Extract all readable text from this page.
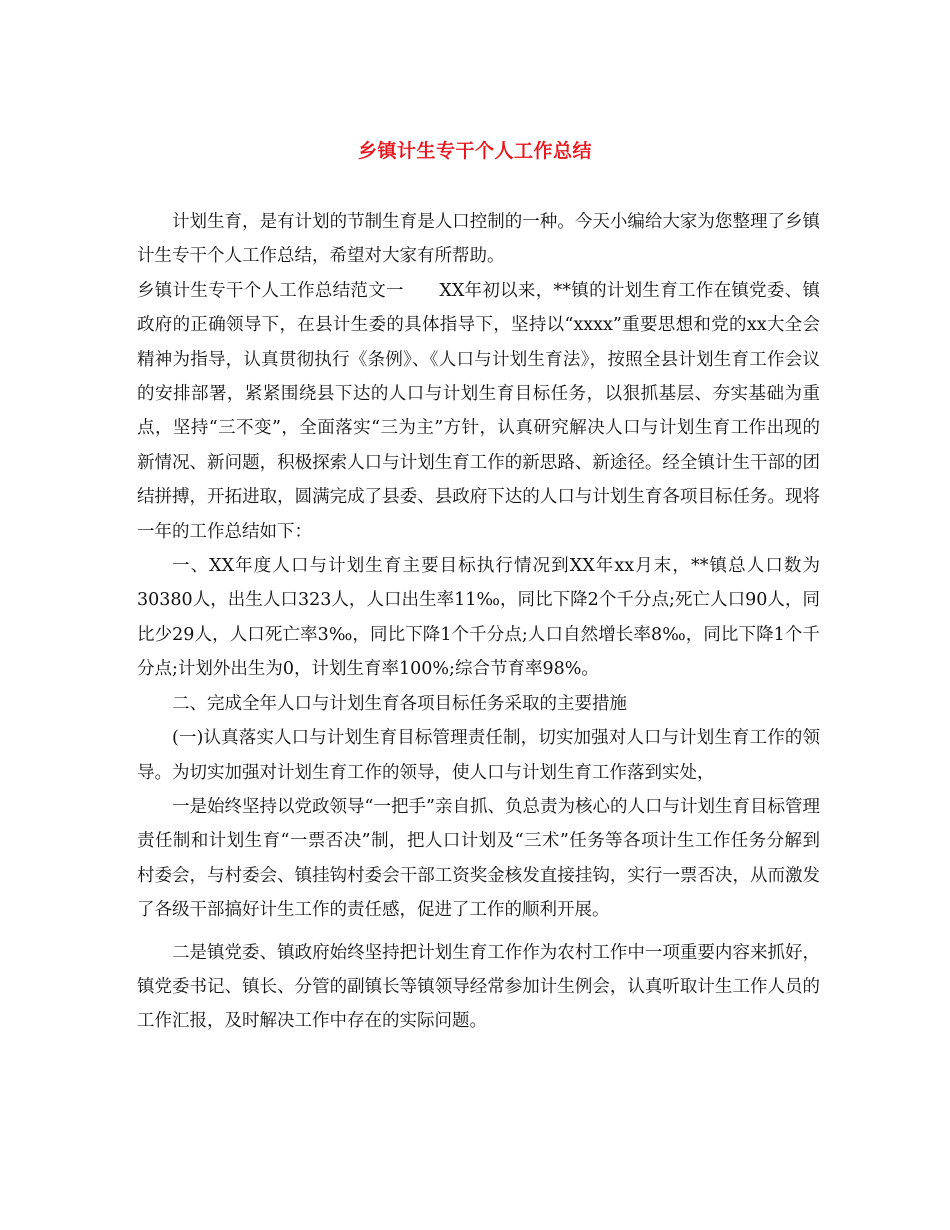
乡镇计生专干个人工作总结

计划生育，是有计划的节制生育是人口控制的一种。今天小编给大家为您整理了乡镇计生专干个人工作总结，希望对大家有所帮助。

乡镇计生专干个人工作总结范文一　　XX年初以来，**镇的计划生育工作在镇党委、镇政府的正确领导下，在县计生委的具体指导下，坚持以“xxxx”重要思想和党的xx大全会精神为指导，认真贯彻执行《条例》、《人口与计划生育法》，按照全县计划生育工作会议的安排部署，紧紧围绕县下达的人口与计划生育目标任务，以狠抓基层、夯实基础为重点，坚持“三不变”，全面落实“三为主”方针，认真研究解决人口与计划生育工作出现的新情况、新问题，积极探索人口与计划生育工作的新思路、新途径。经全镇计生干部的团结拼搏，开拓进取，圆满完成了县委、县政府下达的人口与计划生育各项目标任务。现将一年的工作总结如下：

一、XX年度人口与计划生育主要目标执行情况到XX年xx月末，**镇总人口数为30380人，出生人口323人，人口出生率11‰，同比下降2个千分点;死亡人口90人，同比少29人，人口死亡率3‰，同比下降1个千分点;人口自然增长率8‰，同比下降1个千分点;计划外出生为0，计划生育率100%;综合节育率98%。

二、完成全年人口与计划生育各项目标任务采取的主要措施

(一)认真落实人口与计划生育目标管理责任制，切实加强对人口与计划生育工作的领导。为切实加强对计划生育工作的领导，使人口与计划生育工作落到实处，

一是始终坚持以党政领导“一把手”亲自抓、负总责为核心的人口与计划生育目标管理责任制和计划生育“一票否决”制，把人口计划及“三术”任务等各项计生工作任务分解到村委会，与村委会、镇挂钩村委会干部工资奖金核发直接挂钩，实行一票否决，从而激发了各级干部搞好计生工作的责任感，促进了工作的顺利开展。

二是镇党委、镇政府始终坚持把计划生育工作作为农村工作中一项重要内容来抓好，镇党委书记、镇长、分管的副镇长等镇领导经常参加计生例会，认真听取计生工作人员的工作汇报，及时解决工作中存在的实际问题。
